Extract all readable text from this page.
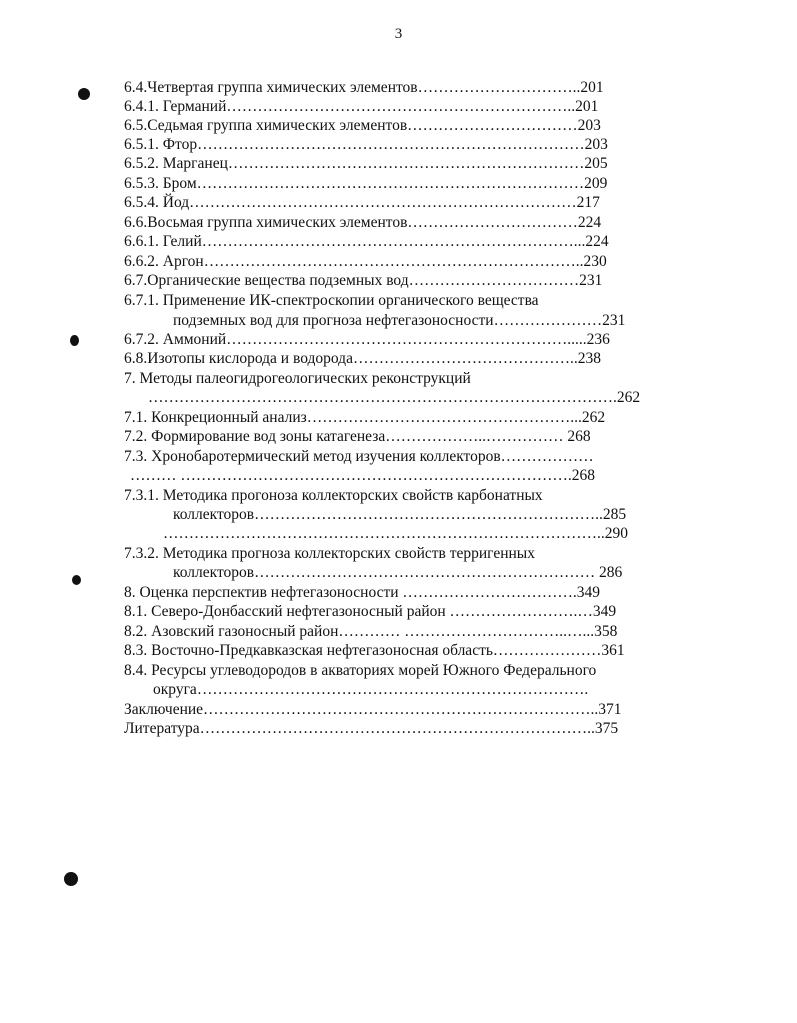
3
6.4.Четвертая группа химических элементов…………………………..201
6.4.1. Германий…………………………………………………………..201
6.5.Седьмая группа химических элементов……………………………203
6.5.1. Фтор…………………………………………………………………203
6.5.2. Марганец……………………………………………………………205
6.5.3. Бром…………………………………………………………………209
6.5.4. Йод…………………………………………………………………217
6.6.Восьмая группа химических элементов……………………………224
6.6.1. Гелий………………………………………………………………...224
6.6.2. Аргон………………………………………………………………..230
6.7.Органические вещества подземных вод……………………………231
6.7.1. Применение ИК-спектроскопии органического вещества
подземных вод для прогноза нефтегазоносности…………………231
6.7.2. Аммоний………………………………………………………….....236
6.8.Изотопы кислорода и водорода……………………………………..238
7. Методы палеогидрогеологических реконструкций
……………………………………………………………………………….262
7.1. Конкреционный анализ……………………………………………...262
7.2. Формирование вод зоны катагенеза………………..…………… 268
7.3. Хронобаротермический метод изучения коллекторов………………
……… ………………………………………………………………….268
7.3.1. Методика прогоноза коллекторских свойств карбонатных
коллекторов…………………………………………………………..285
…………………………………………………………………………..290
7.3.2. Методика прогноза коллекторских свойств терригенных
коллекторов………………………………………………………… 286
8. Оценка перспектив нефтегазоносности …………………………….349
8.1. Северо-Донбасский нефтегазоносный район …………………….…349
8.2. Азовский газоносный район………… …………………………..…...358
8.3. Восточно-Предкавказская нефтегазоносная область…………………361
8.4. Ресурсы углеводородов в акваториях морей Южного Федерального
округа………………………………………………………………….
Заключение…………………………………………………………………..371
Литература…………………………………………………………………..375
